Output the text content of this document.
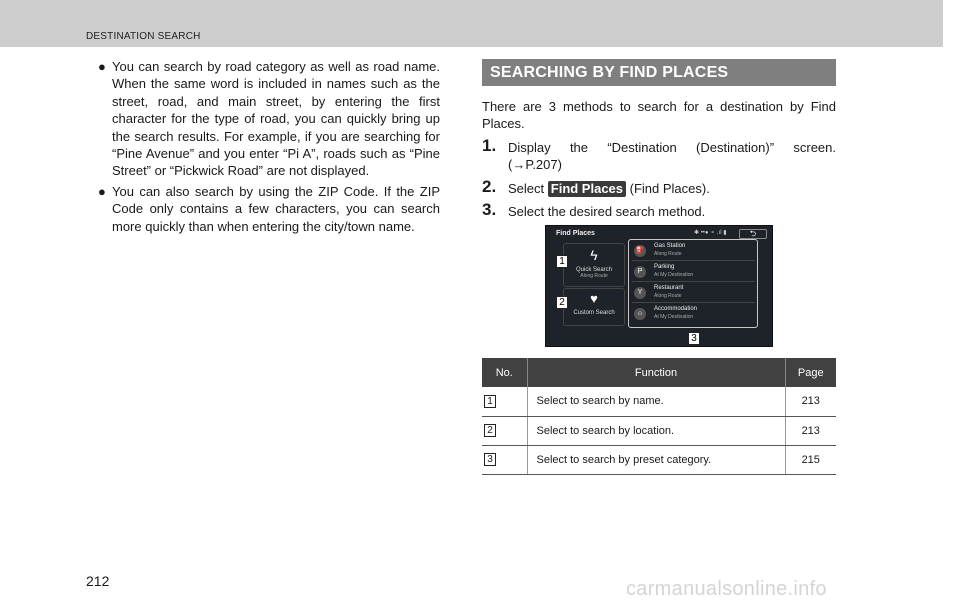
DESTINATION SEARCH
● You can search by road category as well as road name. When the same word is included in names such as the street, road, and main street, by entering the first character for the type of road, you can quickly bring up the search results. For example, if you are searching for “Pine Avenue” and you enter “Pi A”, roads such as “Pine Street” or “Pickwick Road” are not displayed.
● You can also search by using the ZIP Code. If the ZIP Code only contains a few characters, you can search more quickly than when entering the city/town name.
SEARCHING BY FIND PLACES

There are 3 methods to search for a destination by Find Places.

1. Display the “Destination (Destination)” screen.
(→P.207)
2. Select Find Places (Find Places).
3. Select the desired search method.
Find Places	✱ ••● ⚬ .ıl ▮	⮌
ϟ
Quick Search
Along Route
♥
Custom Search
⛽
Gas Station
Along Route
P
Parking
At My Destination
Y
Restaurant
Along Route
⌂
Accommodation
At My Destination
1
2
3
No.	Function	Page
1	Select to search by name.	213
2	Select to search by location.	213
3	Select to search by preset category.	215
212	carmanualsonline.info
